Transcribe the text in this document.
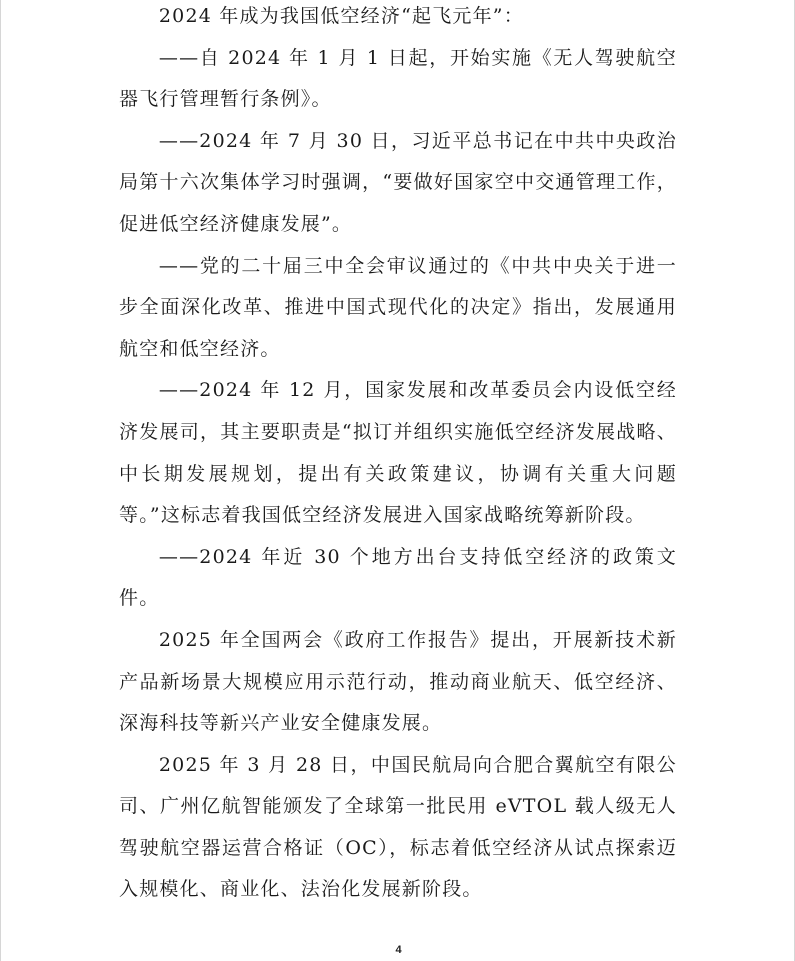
2024 年成为我国低空经济“起飞元年”：

——自 2024 年 1 月 1 日起，开始实施《无人驾驶航空器飞行管理暂行条例》。

——2024 年 7 月 30 日，习近平总书记在中共中央政治局第十六次集体学习时强调，“要做好国家空中交通管理工作，促进低空经济健康发展”。

——党的二十届三中全会审议通过的《中共中央关于进一步全面深化改革、推进中国式现代化的决定》指出，发展通用航空和低空经济。

——2024 年 12 月，国家发展和改革委员会内设低空经济发展司，其主要职责是“拟订并组织实施低空经济发展战略、中长期发展规划，提出有关政策建议，协调有关重大问题等。”这标志着我国低空经济发展进入国家战略统筹新阶段。

——2024 年近 30 个地方出台支持低空经济的政策文件。

2025 年全国两会《政府工作报告》提出，开展新技术新产品新场景大规模应用示范行动，推动商业航天、低空经济、深海科技等新兴产业安全健康发展。

2025 年 3 月 28 日，中国民航局向合肥合翼航空有限公司、广州亿航智能颁发了全球第一批民用 eVTOL 载人级无人驾驶航空器运营合格证（OC），标志着低空经济从试点探索迈入规模化、商业化、法治化发展新阶段。

4
